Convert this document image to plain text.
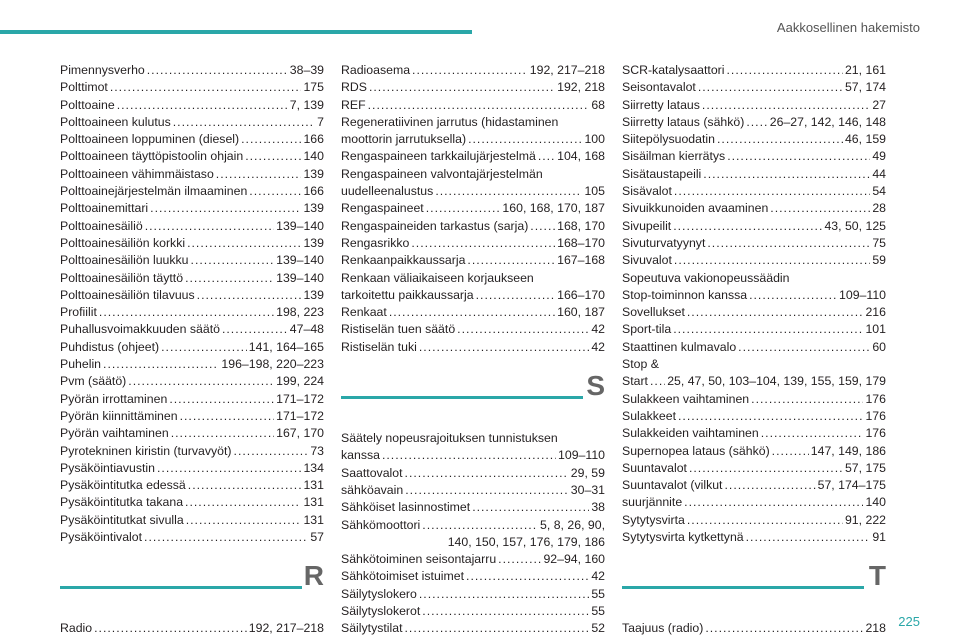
Aakkosellinen hakemisto
Pimennysverho .....	38–39
Polttimot .....	175
Polttoaine .....	7, 139
Polttoaineen kulutus .....	7
Polttoaineen loppuminen (diesel) .....	166
Polttoaineen täyttöpistoolin ohjain .....	140
Polttoaineen vähimmäistaso .....	139
Polttoainejärjestelmän ilmaaminen .....	166
Polttoainemittari .....	139
Polttoainesäiliö .....	139–140
Polttoainesäiliön korkki .....	139
Polttoainesäiliön luukku .....	139–140
Polttoainesäiliön täyttö .....	139–140
Polttoainesäiliön tilavuus .....	139
Profiilit .....	198, 223
Puhallusvoimakkuuden säätö .....	47–48
Puhdistus (ohjeet) .....	141, 164–165
Puhelin .....	196–198, 220–223
Pvm (säätö) .....	199, 224
Pyörän irrottaminen .....	171–172
Pyörän kiinnittäminen .....	171–172
Pyörän vaihtaminen .....	167, 170
Pyrotekninen kiristin (turvavyöt) .....	73
Pysäköintiavustin .....	134
Pysäköintitutka edessä .....	131
Pysäköintitutka takana .....	131
Pysäköintitutkat sivulla .....	131
Pysäköintivalot .....	57
R
Radio .....	192, 217–218
Radioasema .....	192, 217–218
RDS .....	192, 218
REF .....	68
Regeneratiivinen jarrutus (hidastaminen
moottorin jarrutuksella) .....	100
Rengaspaineen tarkkailujärjestelmä ..... 104, 168
Rengaspaineen valvontajärjestelmän
uudelleenalustus .....	105
Rengaspaineet .....	160, 168, 170, 187
Rengaspaineiden tarkastus (sarja) ..... 168, 170
Rengasrikko .....	168–170
Renkaanpaikkaussarja .....	167–168
Renkaan väliaikaiseen korjaukseen
tarkoitettu paikkaussarja .....	166–170
Renkaat .....	160, 187
Ristiselän tuen säätö .....	42
Ristiselän tuki .....	42
S
Säätely nopeusrajoituksen tunnistuksen
kanssa .....	109–110
Saattovalot .....	29, 59
sähköavain .....	30–31
Sähköiset lasinnostimet .....	38
Sähkömoottori .....	5, 8, 26, 90,
140, 150, 157, 176, 179, 186
Sähkötoiminen seisontajarru .....	92–94, 160
Sähkötoimiset istuimet .....	42
Säilytyslokero .....	55
Säilytyslokerot .....	55
Säilytystilat .....	52
SCR-katalysaattori .....	21, 161
Seisontavalot .....	57, 174
Siirretty lataus .....	27
Siirretty lataus (sähkö) ..... 26–27, 142, 146, 148
Siitepölysuodatin .....	46, 159
Sisäilman kierrätys .....	49
Sisätaustapeili .....	44
Sisävalot .....	54
Sivuikkunoiden avaaminen .....	28
Sivupeilit .....	43, 50, 125
Sivuturvatyynyt .....	75
Sivuvalot .....	59
Sopeutuva vakionopeussäädin
Stop-toiminnon kanssa .....	109–110
Sovellukset .....	216
Sport-tila .....	101
Staattinen kulmavalo .....	60
Stop &
Start ..... 25, 47, 50, 103–104, 139, 155, 159, 179
Sulakkeen vaihtaminen .....	176
Sulakkeet .....	176
Sulakkeiden vaihtaminen .....	176
Supernopea lataus (sähkö) .....	147, 149, 186
Suuntavalot .....	57, 175
Suuntavalot (vilkut .....	57, 174–175
suurjännite .....	140
Sytytysvirta .....	91, 222
Sytytysvirta kytkettynä .....	91
T
Taajuus (radio) .....	218 225
